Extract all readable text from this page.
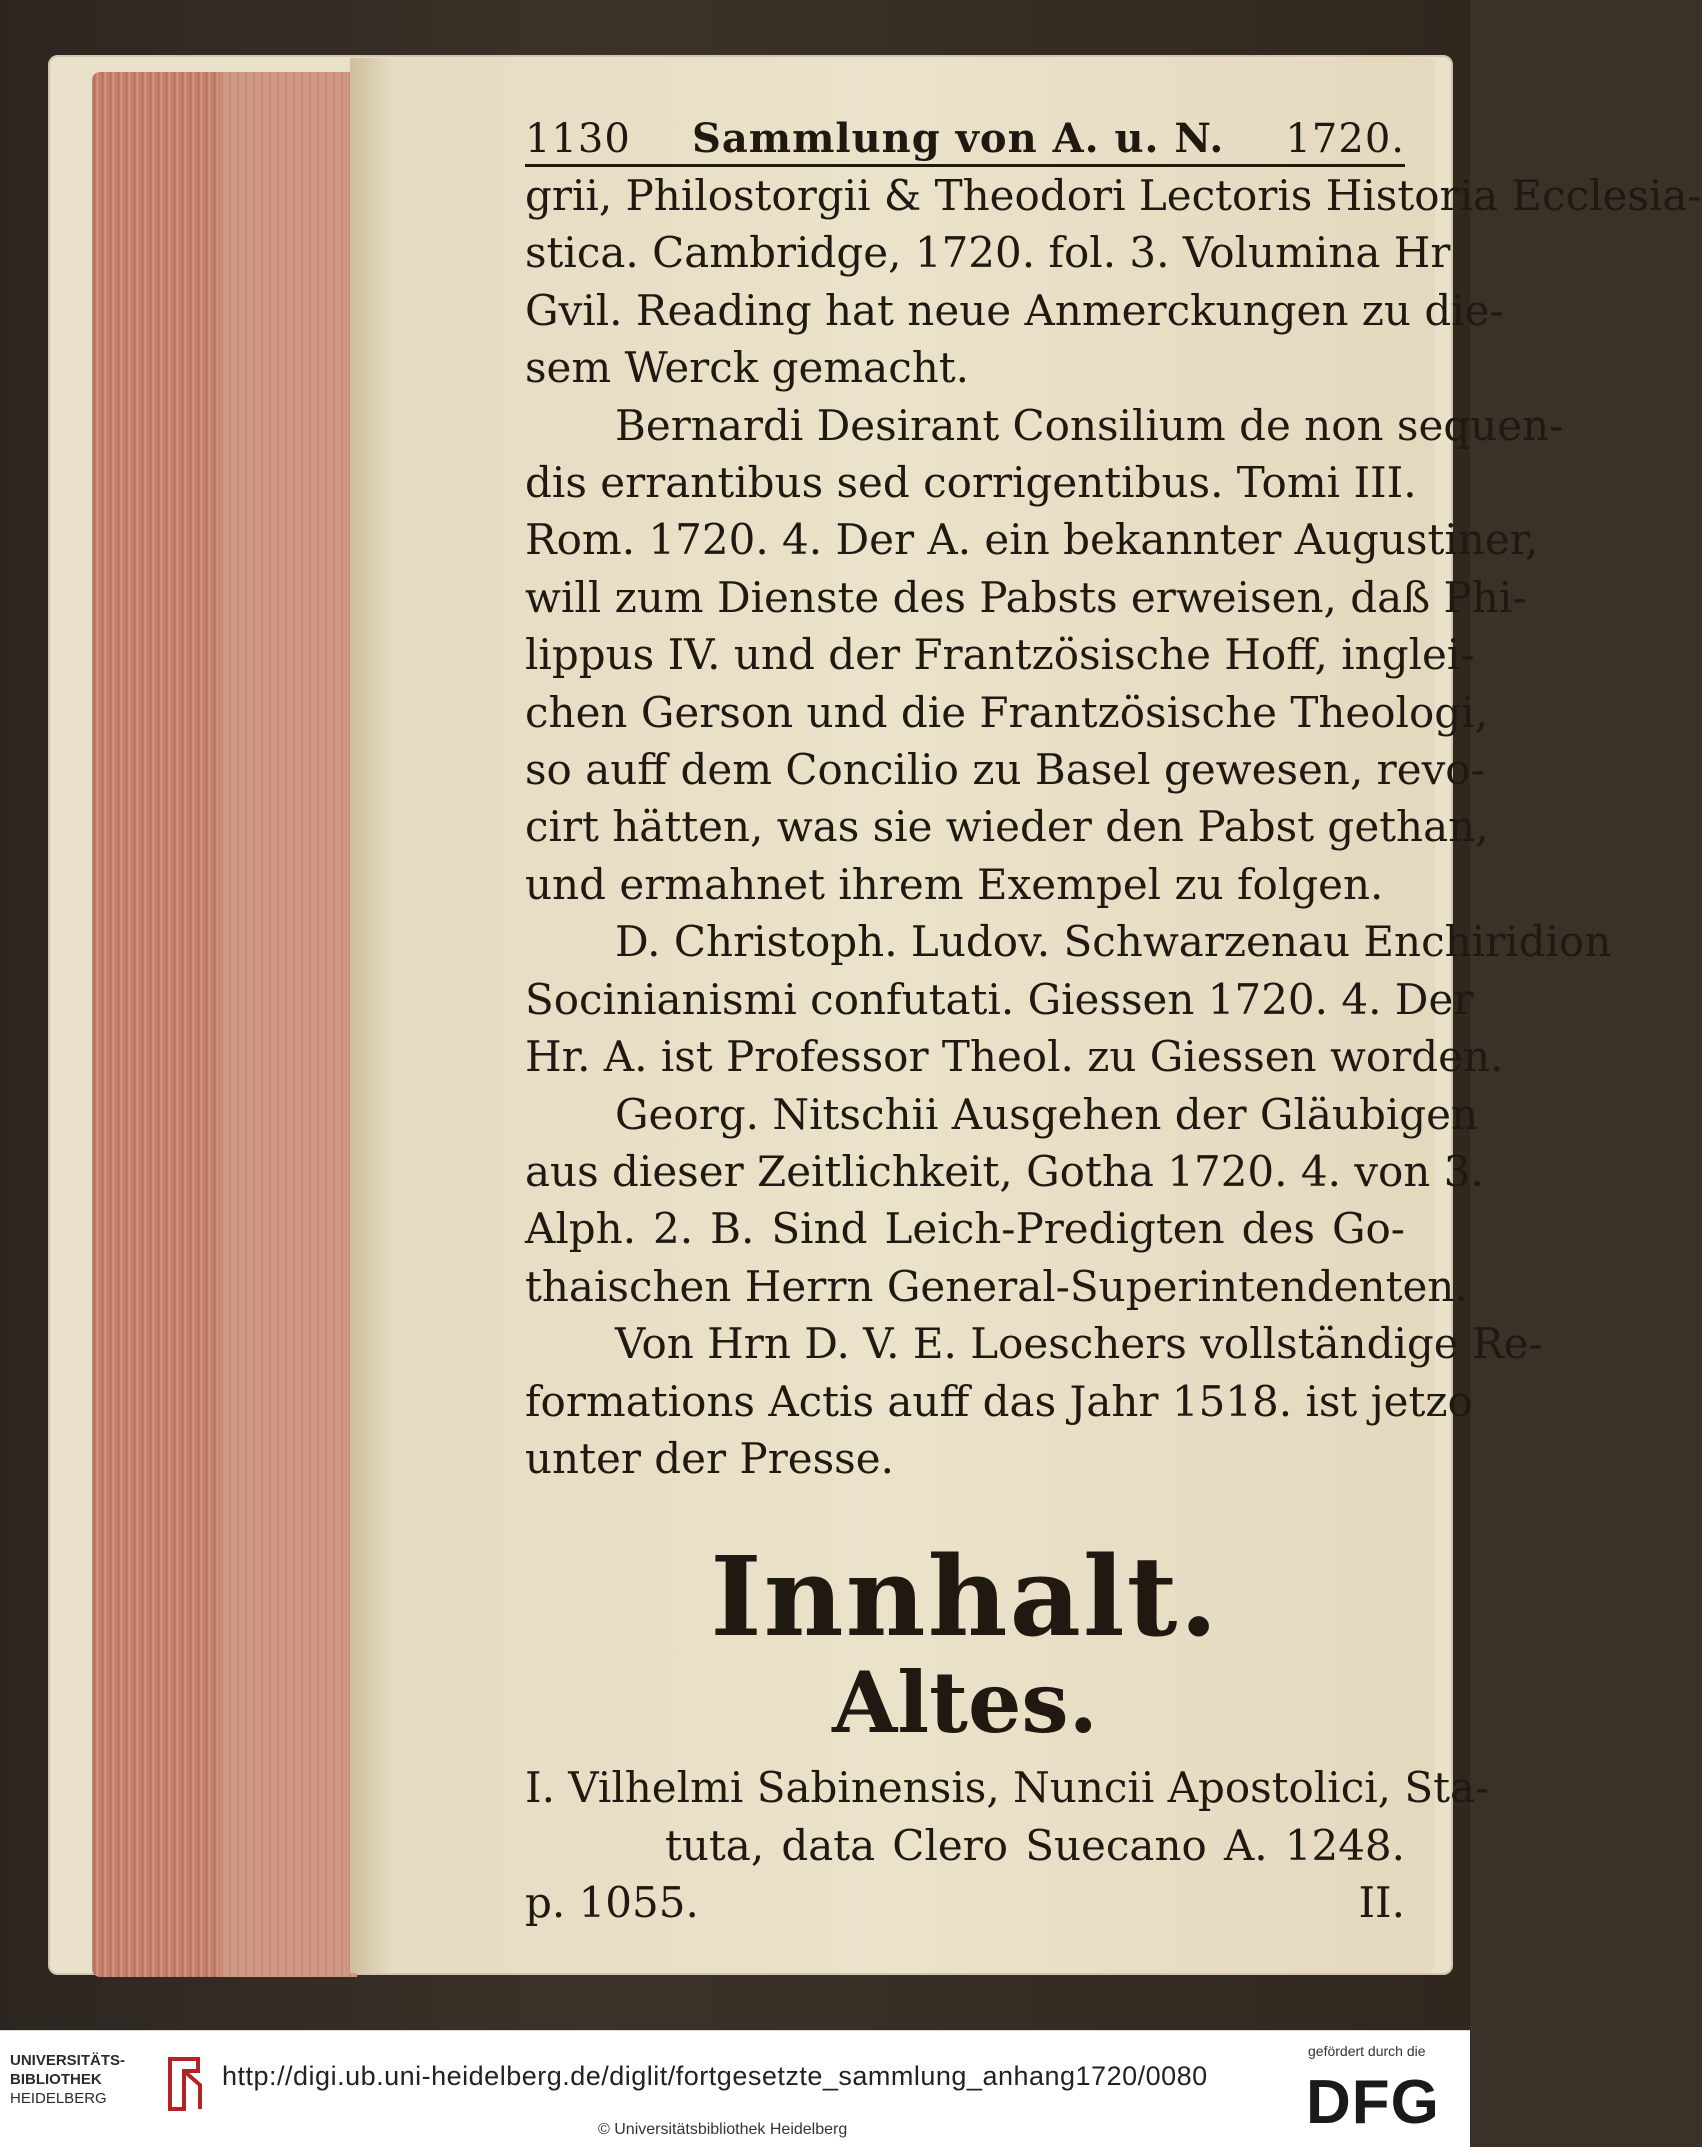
1130 Sammlung von A. u. N. 1720.
grii, Philostorgii & Theodori Lectoris Historia Ecclesia-
stica. Cambridge, 1720. fol. 3. Volumina Hr
Gvil. Reading hat neue Anmerckungen zu die-
sem Werck gemacht.
Bernardi Desirant Consilium de non sequen-
dis errantibus sed corrigentibus. Tomi III.
Rom. 1720. 4. Der A. ein bekannter Augustiner,
will zum Dienste des Pabsts erweisen, daß Phi-
lippus IV. und der Frantzösische Hoff, inglei-
chen Gerson und die Frantzösische Theologi,
so auff dem Concilio zu Basel gewesen, revo-
cirt hätten, was sie wieder den Pabst gethan,
und ermahnet ihrem Exempel zu folgen.
D. Christoph. Ludov. Schwarzenau Enchiridion
Socinianismi confutati. Giessen 1720. 4. Der
Hr. A. ist Professor Theol. zu Giessen worden.
Georg. Nitschii Ausgehen der Gläubigen
aus dieser Zeitlichkeit, Gotha 1720. 4. von 3.
Alph. 2. B. Sind Leich-Predigten des Go-
thaischen Herrn General-Superintendenten.
Von Hrn D. V. E. Loeschers vollständige Re-
formations Actis auff das Jahr 1518. ist jetzo
unter der Presse.
Innhalt.
Altes.
I. Vilhelmi Sabinensis, Nuncii Apostolici, Sta-
tuta, data Clero Suecano A. 1248.
p. 1055.	II.
UNIVERSITÄTS-
BIBLIOTHEK
HEIDELBERG
http://digi.ub.uni-heidelberg.de/diglit/fortgesetzte_sammlung_anhang1720/0080
© Universitätsbibliothek Heidelberg
gefördert durch die
DFG
